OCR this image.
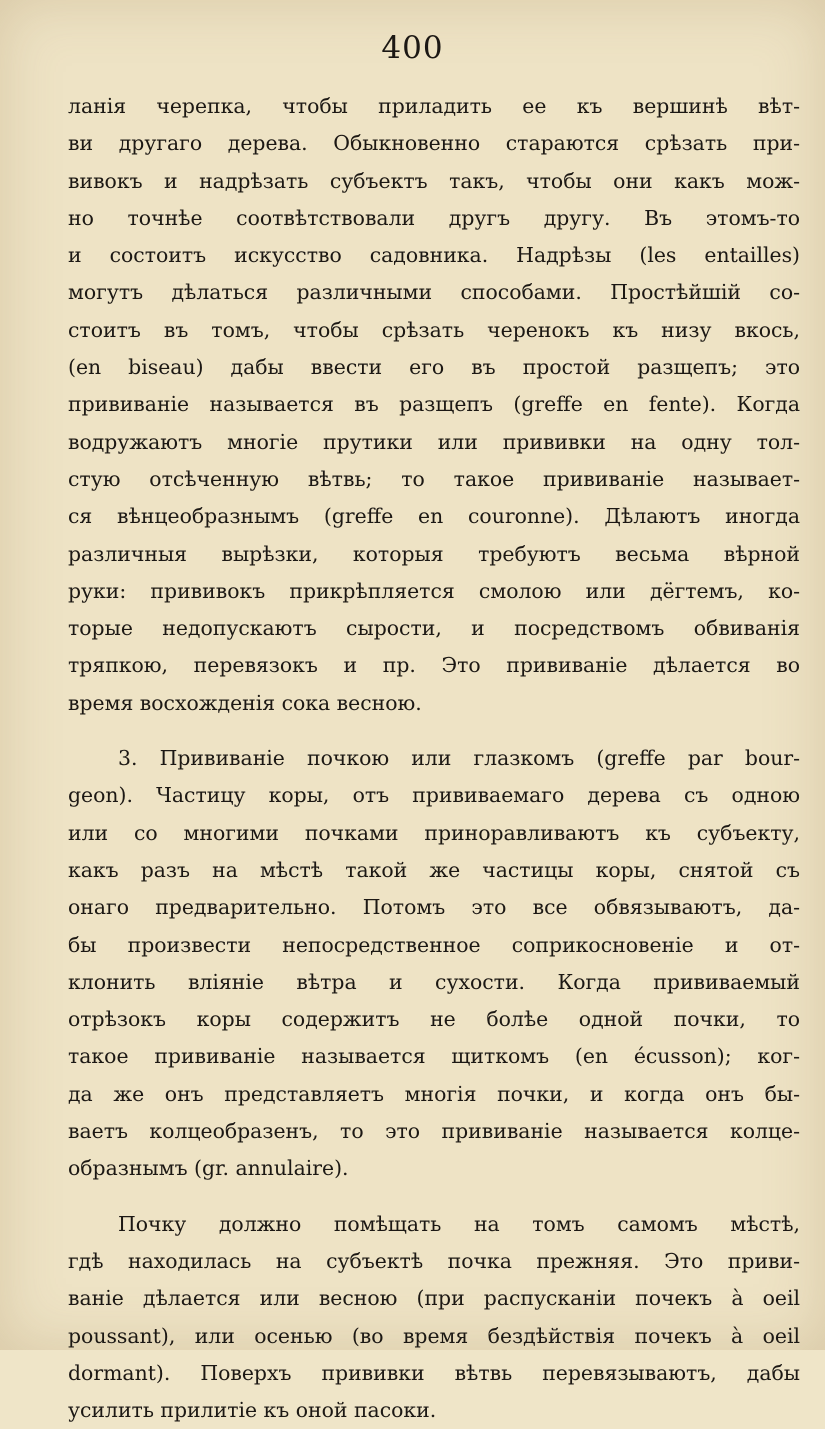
400
ланія черепка, чтобы приладить ее къ вершинѣ вѣт-
ви другаго дерева. Обыкновенно стараются срѣзать при-
вивокъ и надрѣзать субъектъ такъ, чтобы они какъ мож-
но точнѣе соотвѣтствовали другъ другу. Въ этомъ-то
и состоитъ искусство садовника. Надрѣзы (les entailles)
могутъ дѣлаться различными способами. Простѣйшій со-
стоитъ въ томъ, чтобы срѣзать черенокъ къ низу вкось,
(en biseau) дабы ввести его въ простой разщепъ; это
прививаніе называется въ разщепъ (greffe en fente). Когда
водружаютъ многіе прутики или прививки на одну тол-
стую отсѣченную вѣтвь; то такое прививаніе называет-
ся вѣнцеобразнымъ (greffe en couronne). Дѣлаютъ иногда
различныя вырѣзки, которыя требуютъ весьма вѣрной
руки: прививокъ прикрѣпляется смолою или дёгтемъ, ко-
торые недопускаютъ сырости, и посредствомъ обвиванія
тряпкою, перевязокъ и пр. Это прививаніе дѣлается во
время восхожденія сока весною.
3. Прививаніе почкою или глазкомъ (greffe par bour-
geon). Частицу коры, отъ прививаемаго дерева съ одною
или со многими почками приноравливаютъ къ субъекту,
какъ разъ на мѣстѣ такой же частицы коры, снятой съ
онаго предварительно. Потомъ это все обвязываютъ, да-
бы произвести непосредственное соприкосновеніе и от-
клонить вліяніе вѣтра и сухости. Когда прививаемый
отрѣзокъ коры содержитъ не болѣе одной почки, то
такое прививаніе называется щиткомъ (en écusson); ког-
да же онъ представляетъ многія почки, и когда онъ бы-
ваетъ колцеобразенъ, то это прививаніе называется колце-
образнымъ (gr. annulaire).
Почку должно помѣщать на томъ самомъ мѣстѣ,
гдѣ находилась на субъектѣ почка прежняя. Это приви-
ваніе дѣлается или весною (при распусканіи почекъ à oeil
poussant), или осенью (во время бездѣйствія почекъ à oeil
dormant). Поверхъ прививки вѣтвь перевязываютъ, дабы
усилить прилитіе къ оной пасоки.
